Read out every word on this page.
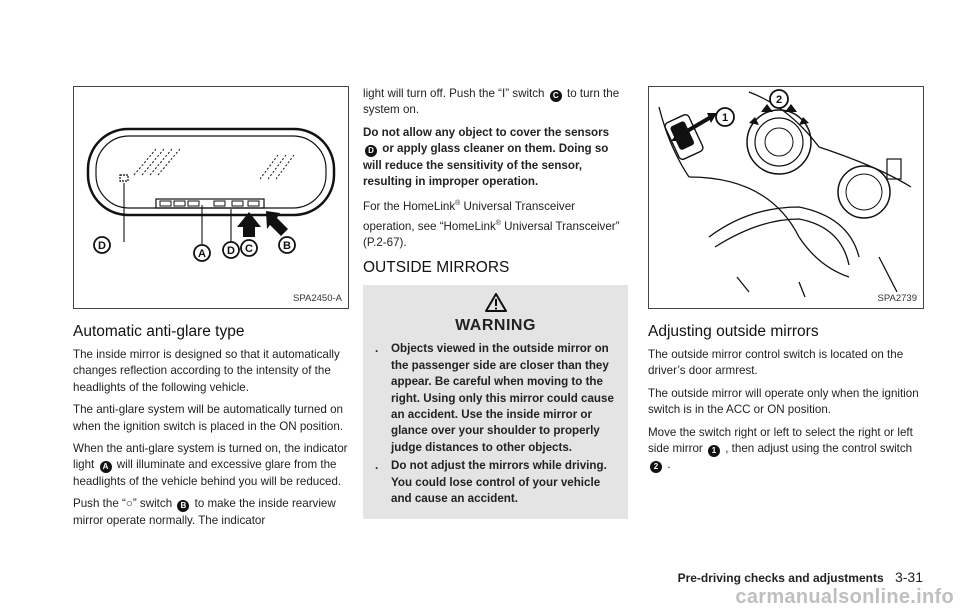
D
A D C	B
SPA2450-A
Automatic anti-glare type

The inside mirror is designed so that it automatically changes reflection according to the intensity of the headlights of the following vehicle.

The anti-glare system will be automatically turned on when the ignition switch is placed in the ON position.

When the anti-glare system is turned on, the indicator light A will illuminate and excessive glare from the headlights of the vehicle behind you will be reduced.

Push the “○” switch B to make the inside rearview mirror operate normally. The indicator

light will turn off. Push the “I” switch C to turn the system on.

Do not allow any object to cover the sensors D or apply glass cleaner on them. Doing so will reduce the sensitivity of the sensor, resulting in improper operation.

For the HomeLink® Universal Transceiver operation, see “HomeLink® Universal Transceiver” (P.2-67).

OUTSIDE MIRRORS

WARNING
. Objects viewed in the outside mirror on the passenger side are closer than they appear. Be careful when moving to the right. Using only this mirror could cause an accident. Use the inside mirror or glance over your shoulder to properly judge distances to other objects.
. Do not adjust the mirrors while driving. You could lose control of your vehicle and cause an accident.
1
2
SPA2739
Adjusting outside mirrors

The outside mirror control switch is located on the driver’s door armrest.

The outside mirror will operate only when the ignition switch is in the ACC or ON position.

Move the switch right or left to select the right or left side mirror 1 , then adjust using the control switch 2 .

Pre-driving checks and adjustments 3-31
carmanualsonline.info
